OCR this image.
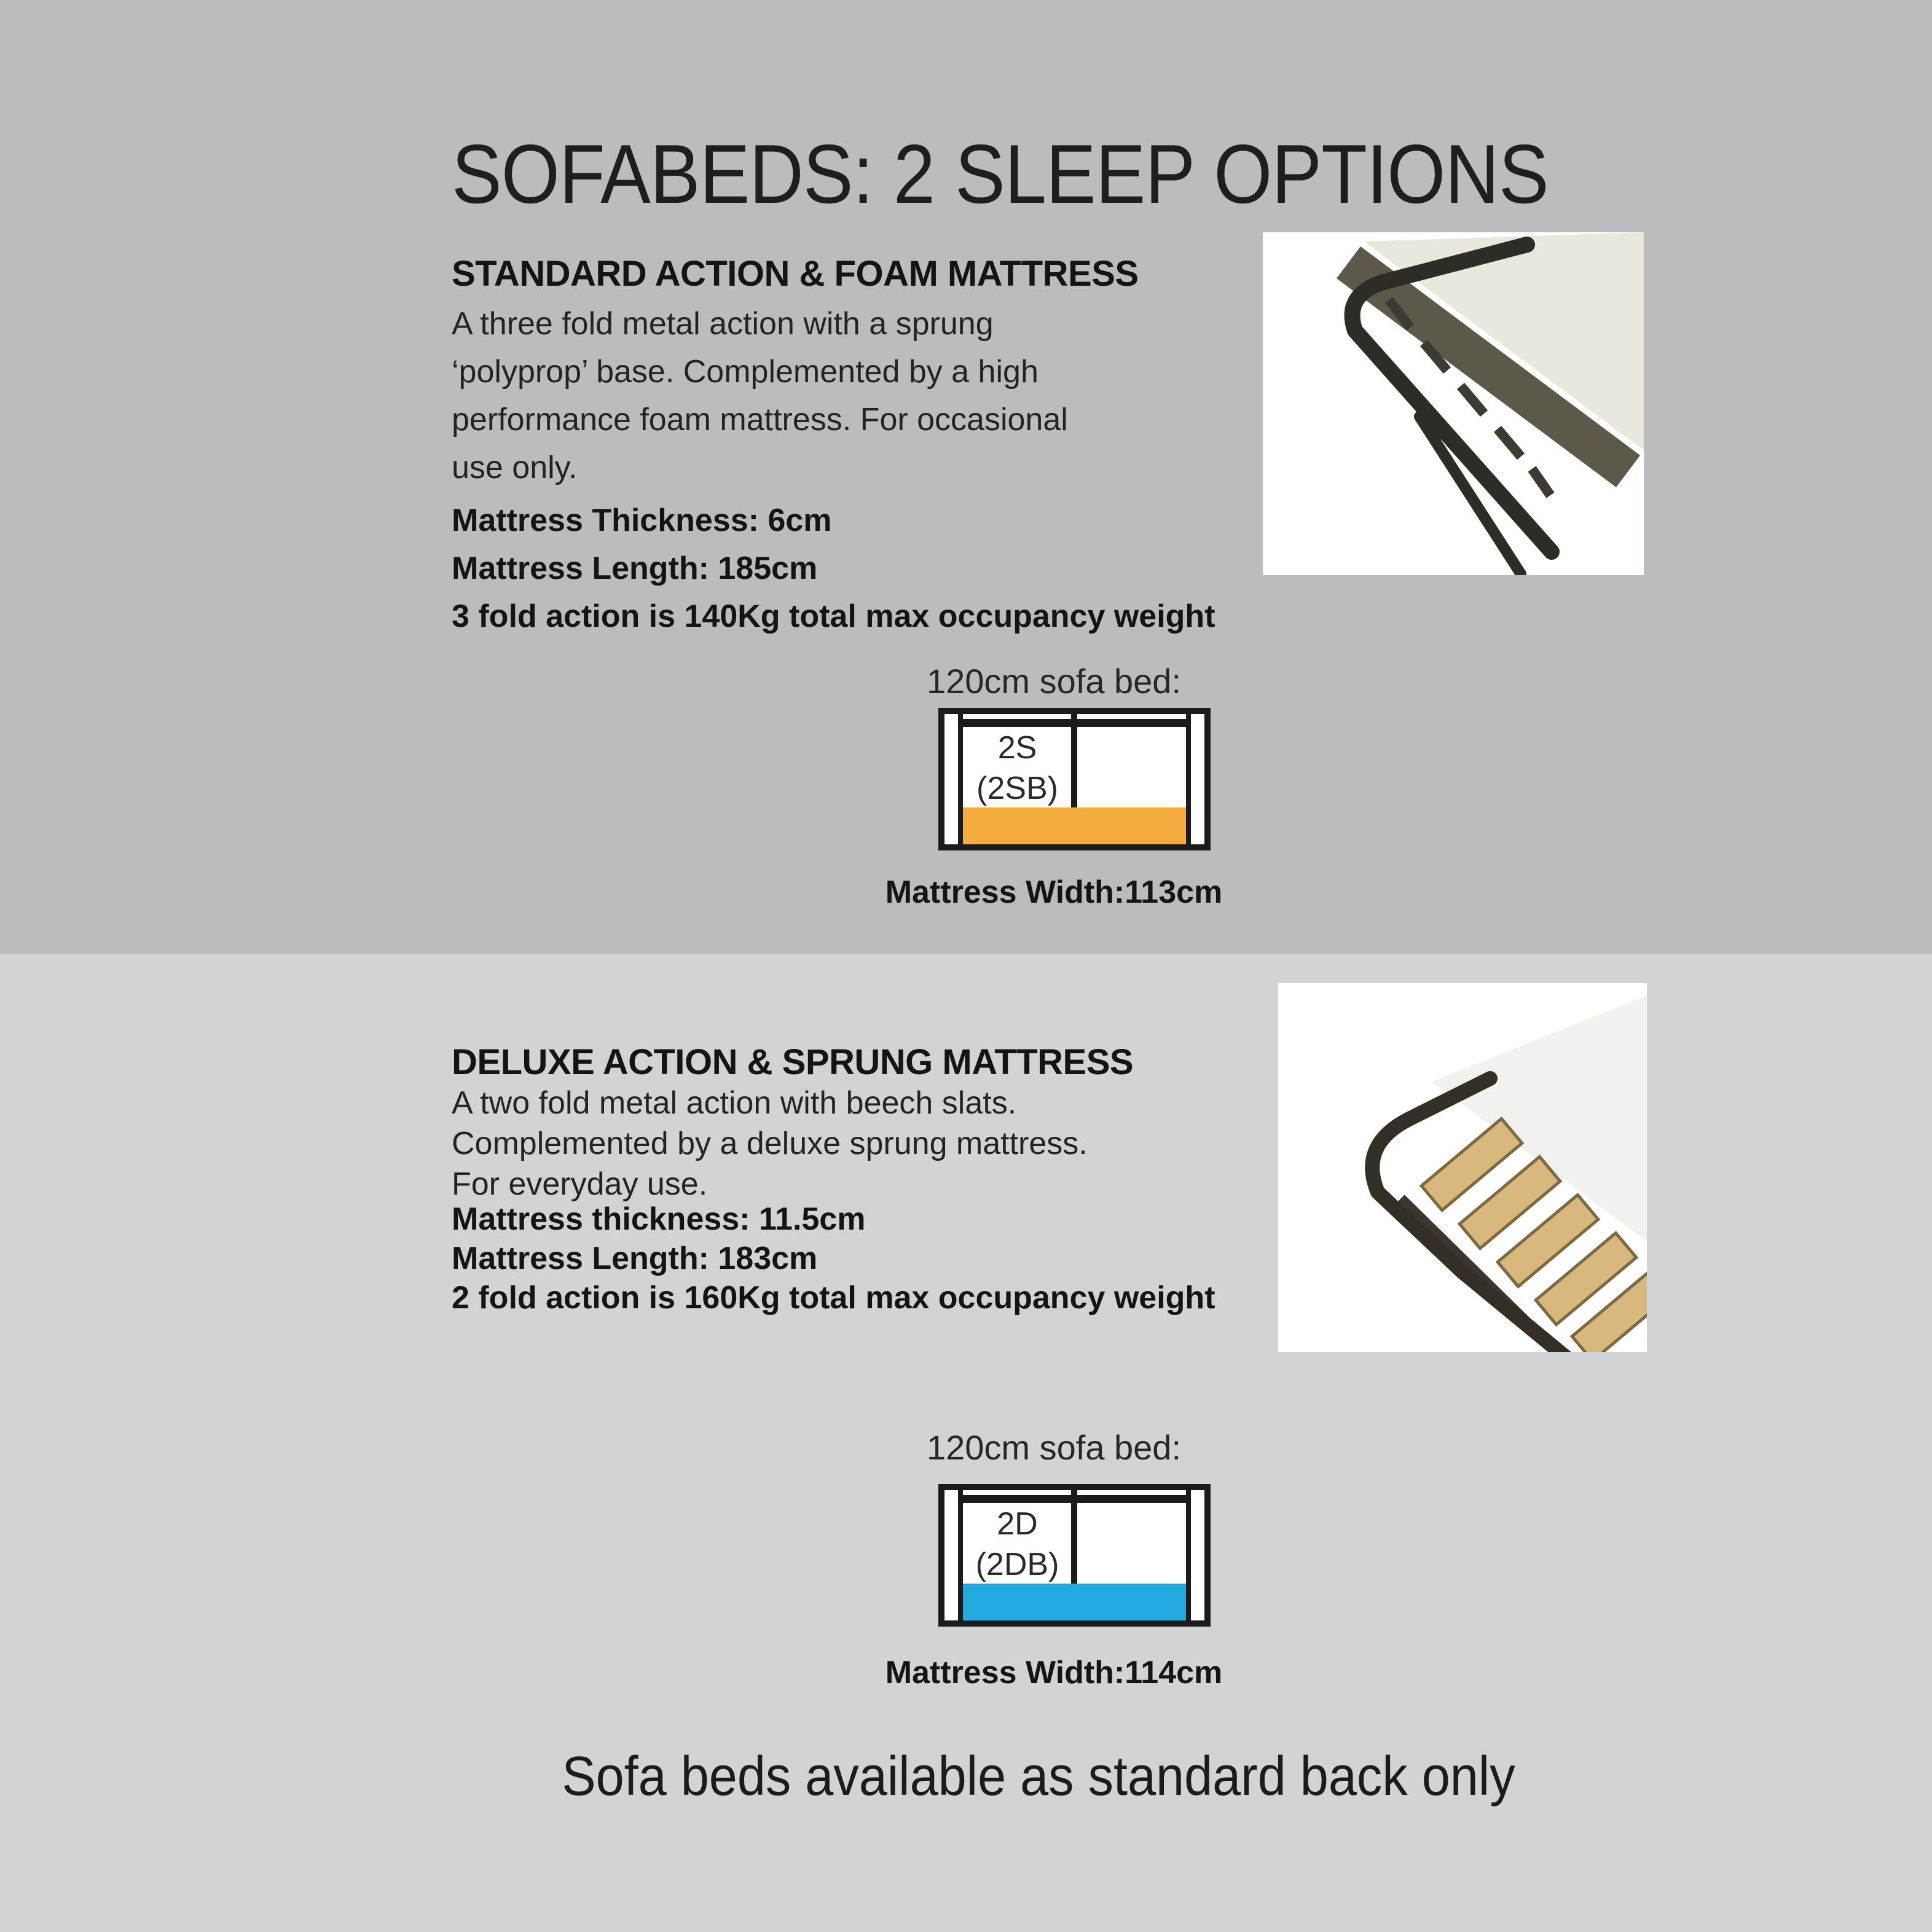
SOFABEDS: 2 SLEEP OPTIONS
STANDARD ACTION & FOAM MATTRESS
A three fold metal action with a sprung
‘polyprop’ base. Complemented by a high
performance foam mattress. For occasional
use only.
Mattress Thickness: 6cm
Mattress Length: 185cm
3 fold action is 140Kg total max occupancy weight
120cm sofa bed:
2S
(2SB)
Mattress Width:113cm
DELUXE ACTION & SPRUNG MATTRESS
A two fold metal action with beech slats.
Complemented by a deluxe sprung mattress.
For everyday use.
Mattress thickness: 11.5cm
Mattress Length: 183cm
2 fold action is 160Kg total max occupancy weight
120cm sofa bed:
2D
(2DB)
Mattress Width:114cm
Sofa beds available as standard back only
